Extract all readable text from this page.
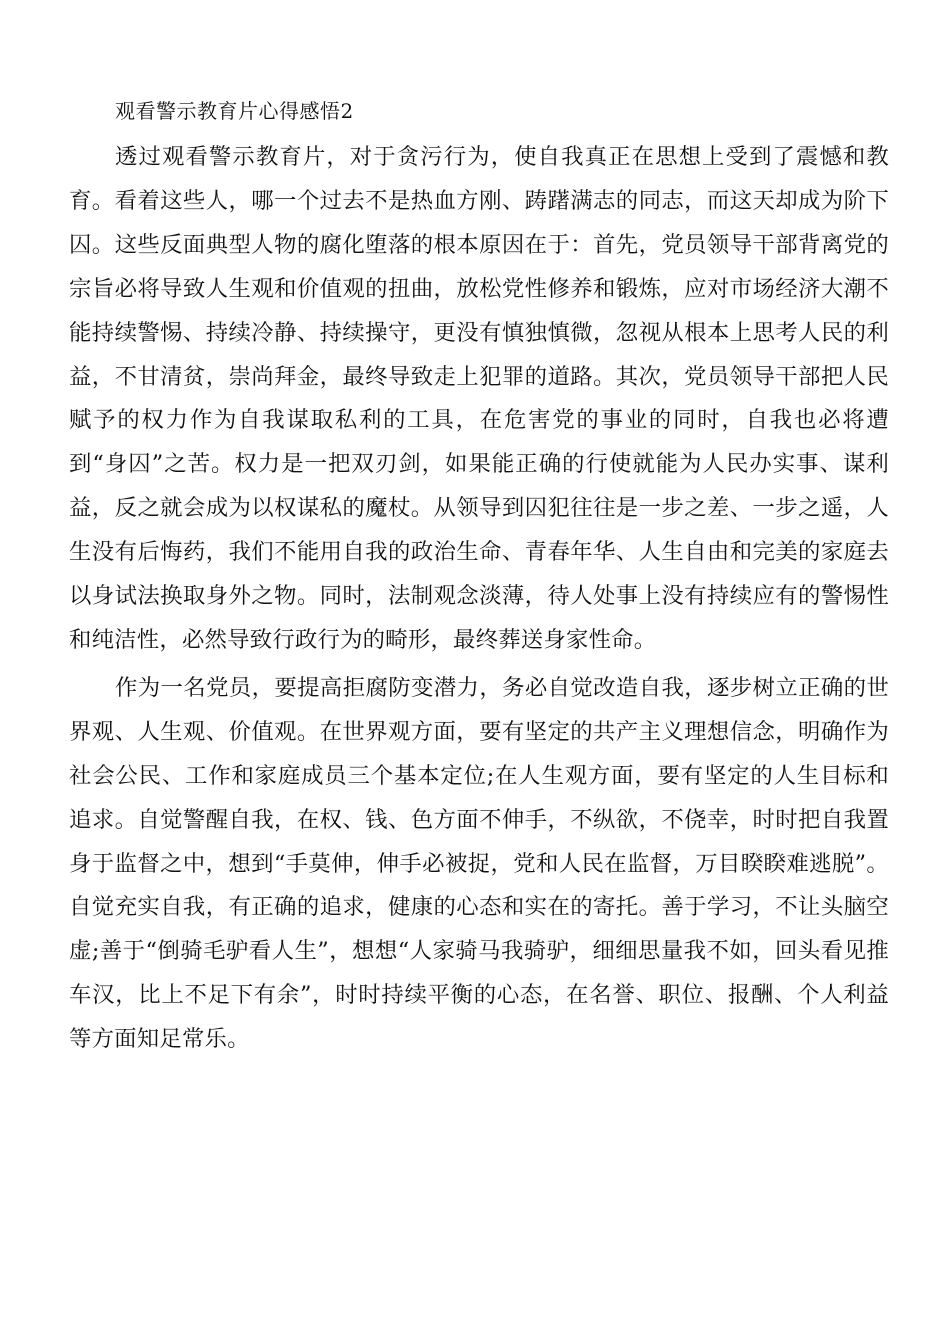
观看警示教育片心得感悟2

透过观看警示教育片，对于贪污行为，使自我真正在思想上受到了震憾和教育。看着这些人，哪一个过去不是热血方刚、踌躇满志的同志，而这天却成为阶下囚。这些反面典型人物的腐化堕落的根本原因在于：首先，党员领导干部背离党的宗旨必将导致人生观和价值观的扭曲，放松党性修养和锻炼，应对市场经济大潮不能持续警惕、持续冷静、持续操守，更没有慎独慎微，忽视从根本上思考人民的利益，不甘清贫，崇尚拜金，最终导致走上犯罪的道路。其次，党员领导干部把人民赋予的权力作为自我谋取私利的工具，在危害党的事业的同时，自我也必将遭到“身囚”之苦。权力是一把双刃剑，如果能正确的行使就能为人民办实事、谋利益，反之就会成为以权谋私的魔杖。从领导到囚犯往往是一步之差、一步之遥，人生没有后悔药，我们不能用自我的政治生命、青春年华、人生自由和完美的家庭去以身试法换取身外之物。同时，法制观念淡薄，待人处事上没有持续应有的警惕性和纯洁性，必然导致行政行为的畸形，最终葬送身家性命。

作为一名党员，要提高拒腐防变潜力，务必自觉改造自我，逐步树立正确的世界观、人生观、价值观。在世界观方面，要有坚定的共产主义理想信念，明确作为社会公民、工作和家庭成员三个基本定位;在人生观方面，要有坚定的人生目标和追求。自觉警醒自我，在权、钱、色方面不伸手，不纵欲，不侥幸，时时把自我置身于监督之中，想到“手莫伸，伸手必被捉，党和人民在监督，万目睽睽难逃脱”。自觉充实自我，有正确的追求，健康的心态和实在的寄托。善于学习，不让头脑空虚;善于“倒骑毛驴看人生”，想想“人家骑马我骑驴，细细思量我不如，回头看见推车汉，比上不足下有余”，时时持续平衡的心态，在名誉、职位、报酬、个人利益等方面知足常乐。
